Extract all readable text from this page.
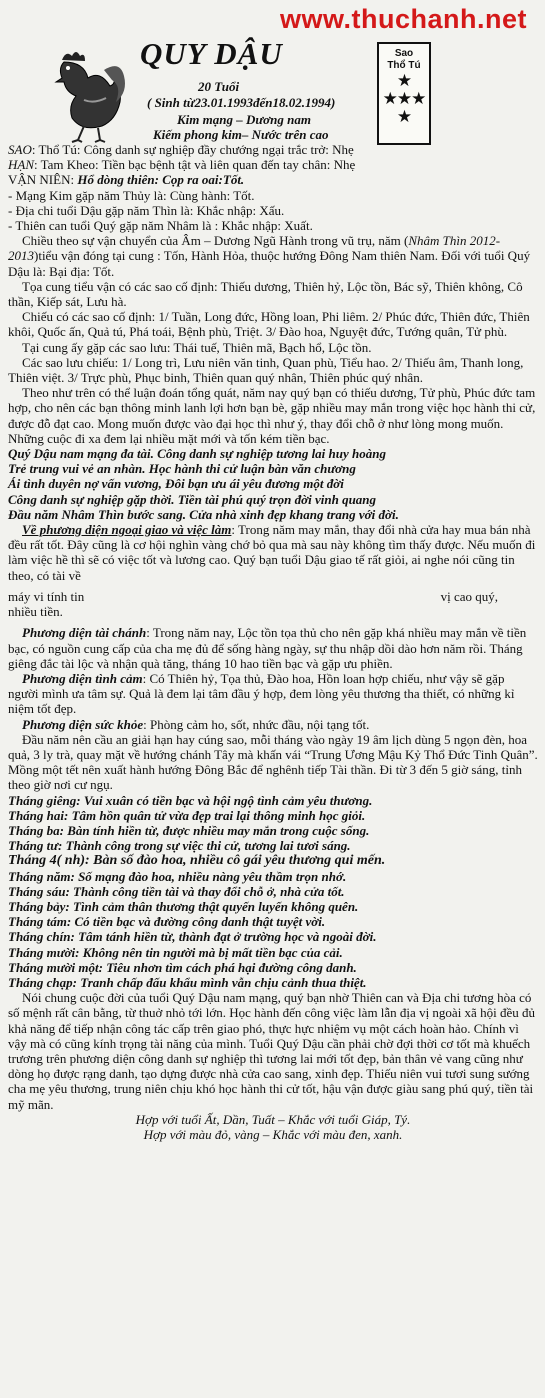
www.thuchanh.net
QUY DẬU
20 Tuổi
( Sinh từ23.01.1993đến18.02.1994)
Kim mạng – Dương nam
Kiếm phong kim– Nước trên cao
Sao
Thổ Tú
★
★★★
★

SAO: Thổ Tú: Công danh sự nghiệp đầy chướng ngại trắc trở: Nhẹ

HẠN: Tam Kheo: Tiền bạc bệnh tật và liên quan đến tay chân: Nhẹ

VẬN NIÊN: Hổ dòng thiên: Cọp ra oai:Tốt.

- Mạng Kim gặp năm Thủy là: Cùng hành: Tốt.

- Địa chi tuổi Dậu gặp năm Thìn là: Khắc nhập: Xấu.

- Thiên can tuổi Quý gặp năm Nhâm là : Khắc nhập: Xuất.

Chiều theo sự vận chuyển của Âm – Dương Ngũ Hành trong vũ trụ, năm (Nhâm Thìn 2012-2013)tiểu vận đóng tại cung : Tốn, Hành Hỏa, thuộc hướng Đông Nam thiên Nam. Đối với tuổi Quý Dậu là: Bại địa: Tốt.

Tọa cung tiểu vận có các sao cố định: Thiếu dương, Thiên hỷ, Lộc tồn, Bác sỹ, Thiên không, Cô thần, Kiếp sát, Lưu hà.

Chiếu có các sao cố định: 1/ Tuần, Long đức, Hồng loan, Phi liêm. 2/ Phúc đức, Thiên đức, Thiên khôi, Quốc ấn, Quả tú, Phá toái, Bệnh phù, Triệt. 3/ Đào hoa, Nguyệt đức, Tướng quân, Tử phù.

Tại cung ấy gặp các sao lưu: Thái tuế, Thiên mã, Bạch hổ, Lộc tồn.

Các sao lưu chiếu: 1/ Long trì, Lưu niên văn tinh, Quan phù, Tiểu hao. 2/ Thiếu âm, Thanh long, Thiên việt. 3/ Trực phù, Phục binh, Thiên quan quý nhân, Thiên phúc quý nhân.

Theo như trên có thể luận đoán tổng quát, năm nay quý bạn có thiếu dương, Tử phù, Phúc đức tam hợp, cho nên các bạn thông minh lanh lợi hơn bạn bè, gặp nhiều may mắn trong việc học hành thi cử, được đỗ đạt cao. Mong muốn được vào đại học thì như ý, thay đổi chỗ ở như lòng mong muốn. Những cuộc đi xa đem lại nhiều mặt mới và tốn kém tiền bạc.

Quý Dậu nam mạng đa tài. Công danh sự nghiệp tương lai huy hoàng

Trẻ trung vui vẻ an nhàn. Học hành thi cử luận bàn văn chương

Ái tình duyên nợ vấn vương, Đôi bạn ưu ái yêu đương một đời

Công danh sự nghiệp gặp thời. Tiền tài phú quý trọn đời vinh quang

Đầu năm Nhâm Thìn bước sang. Cửa nhà xinh đẹp khang trang với đời.

Về phương diện ngoại giao và việc làm: Trong năm may mắn, thay đổi nhà cửa hay mua bán nhà đều rất tốt. Đây cũng là cơ hội nghìn vàng chớ bỏ qua mà sau này không tìm thấy được. Nếu muốn đi làm việc hề thì sẽ có việc tốt và lương cao. Quý bạn tuổi Dậu giao tế rất giỏi, ai nghe nói cũng tin theo, có tài về

máy vi tính tin	vị cao quý,

nhiều tiền.

Phương diện tài chánh: Trong năm nay, Lộc tồn tọa thủ cho nên gặp khá nhiều may mắn về tiền bạc, có nguồn cung cấp của cha mẹ đủ để sống hàng ngày, sự thu nhập dồi dào hơn năm rồi. Tháng giêng đắc tài lộc và nhận quà tăng, tháng 10 hao tiền bạc và gặp ưu phiền.

Phương diện tình cảm: Có Thiên hỷ, Tọa thủ, Đào hoa, Hồn loan hợp chiếu, như vậy sẽ gặp người mình ưa tâm sự. Quả là đem lại tâm đầu ý hợp, đem lòng yêu thương tha thiết, có những kỉ niệm tốt đẹp.

Phương diện sức khỏe: Phòng cảm ho, sốt, nhức đầu, nội tạng tốt.

Đầu năm nên cầu an giải hạn hay cúng sao, mỗi tháng vào ngày 19 âm lịch dùng 5 ngọn đèn, hoa quả, 3 ly trà, quay mặt về hướng chánh Tây mà khấn vái “Trung Ương Mậu Kỷ Thổ Đức Tinh Quân”. Mồng một tết nên xuất hành hướng Đông Bắc để nghênh tiếp Tài thần. Đi từ 3 đến 5 giờ sáng, tỉnh theo giờ nơi cư ngụ.

Tháng giêng: Vui xuân có tiền bạc và hội ngộ tình cảm yêu thương.

Tháng hai: Tâm hồn quân tử vừa đẹp trai lại thông minh học giỏi.

Tháng ba: Bàn tính hiền từ, được nhiều may mắn trong cuộc sống.

Tháng tư: Thành công trong sự việc thi cử, tương lai tươi sáng.

Tháng 4( nh): Bàn số đào hoa, nhiều cô gái yêu thương qui mến.

Tháng năm: Số mạng đào hoa, nhiều nàng yêu thầm trọn nhớ.

Tháng sáu: Thành công tiền tài và thay đổi chỗ ở, nhà cửa tốt.

Tháng bảy: Tình cảm thân thương thật quyến luyến không quên.

Tháng tám: Có tiền bạc và đường công danh thật tuyệt vời.

Tháng chín: Tâm tánh hiền từ, thành đạt ở trường học và ngoài đời.

Tháng mười: Không nên tin người mà bị mất tiền bạc của cải.

Tháng mười một: Tiêu nhơn tìm cách phá hại đường công danh.

Tháng chạp: Tranh chấp đấu khẩu mình vẫn chịu cảnh thua thiệt.

Nói chung cuộc đời của tuổi Quý Dậu nam mạng, quý bạn nhờ Thiên can và Địa chi tương hòa có số mệnh rất cân bằng, từ thuở nhỏ tới lớn. Học hành đến công việc làm lẫn địa vị ngoài xã hội đều đủ khả năng để tiếp nhận công tác cấp trên giao phó, thực hực nhiệm vụ một cách hoàn hảo. Chính vì vậy mà có cũng kính trọng tài năng của mình. Tuổi Quý Dậu cần phải chờ đợi thời cơ tốt mà khuếch trương trên phương diện công danh sự nghiệp thì tương lai mới tốt đẹp, bản thân vẻ vang cũng như dòng họ được rạng danh, tạo dựng được nhà cửa cao sang, xinh đẹp. Thiếu niên vui tươi sung sướng cha mẹ yêu thương, trung niên chịu khó học hành thi cử tốt, hậu vận được giàu sang phú quý, tiền tài mỹ mãn.

Hợp với tuổi Ất, Dần, Tuất – Khắc với tuổi Giáp, Tý.

Hợp với màu đỏ, vàng – Khắc với màu đen, xanh.
